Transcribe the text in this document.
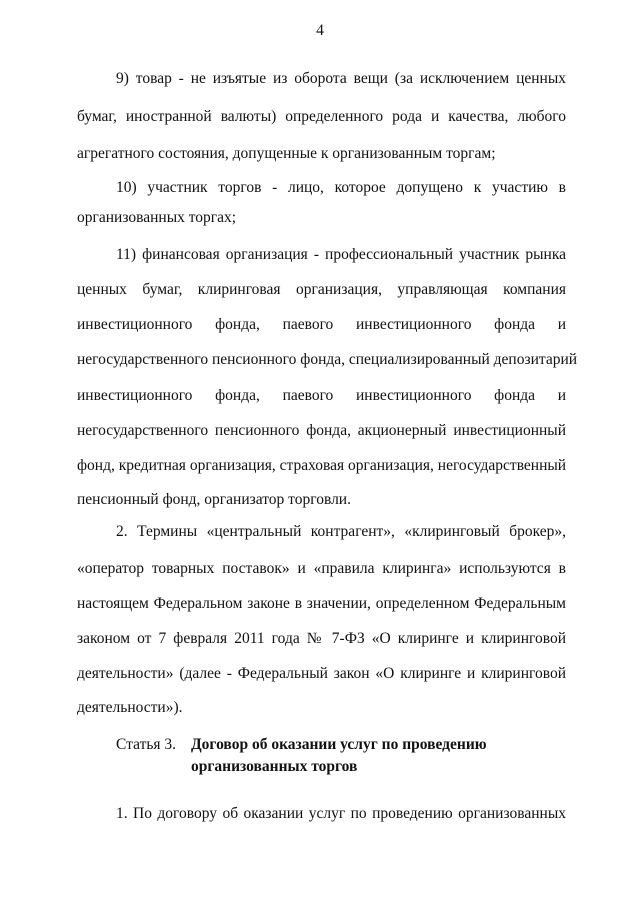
4
9) товар - не изъятые из оборота вещи (за исключением ценных
бумаг, иностранной валюты) определенного рода и качества, любого
агрегатного состояния, допущенные к организованным торгам;
10) участник торгов - лицо, которое допущено к участию в
организованных торгах;
11) финансовая организация - профессиональный участник рынка
ценных бумаг, клиринговая организация, управляющая компания
инвестиционного фонда, паевого инвестиционного фонда и
негосударственного пенсионного фонда, специализированный депозитарий
инвестиционного фонда, паевого инвестиционного фонда и
негосударственного пенсионного фонда, акционерный инвестиционный
фонд, кредитная организация, страховая организация, негосударственный
пенсионный фонд, организатор торговли.
2. Термины «центральный контрагент», «клиринговый брокер»,
«оператор товарных поставок» и «правила клиринга» используются в
настоящем Федеральном законе в значении, определенном Федеральным
законом от 7 февраля 2011 года № 7-ФЗ «О клиринге и клиринговой
деятельности» (далее - Федеральный закон «О клиринге и клиринговой
деятельности»).
Статья 3. Договор об оказании услуг по проведению
организованных торгов
1. По договору об оказании услуг по проведению организованных
